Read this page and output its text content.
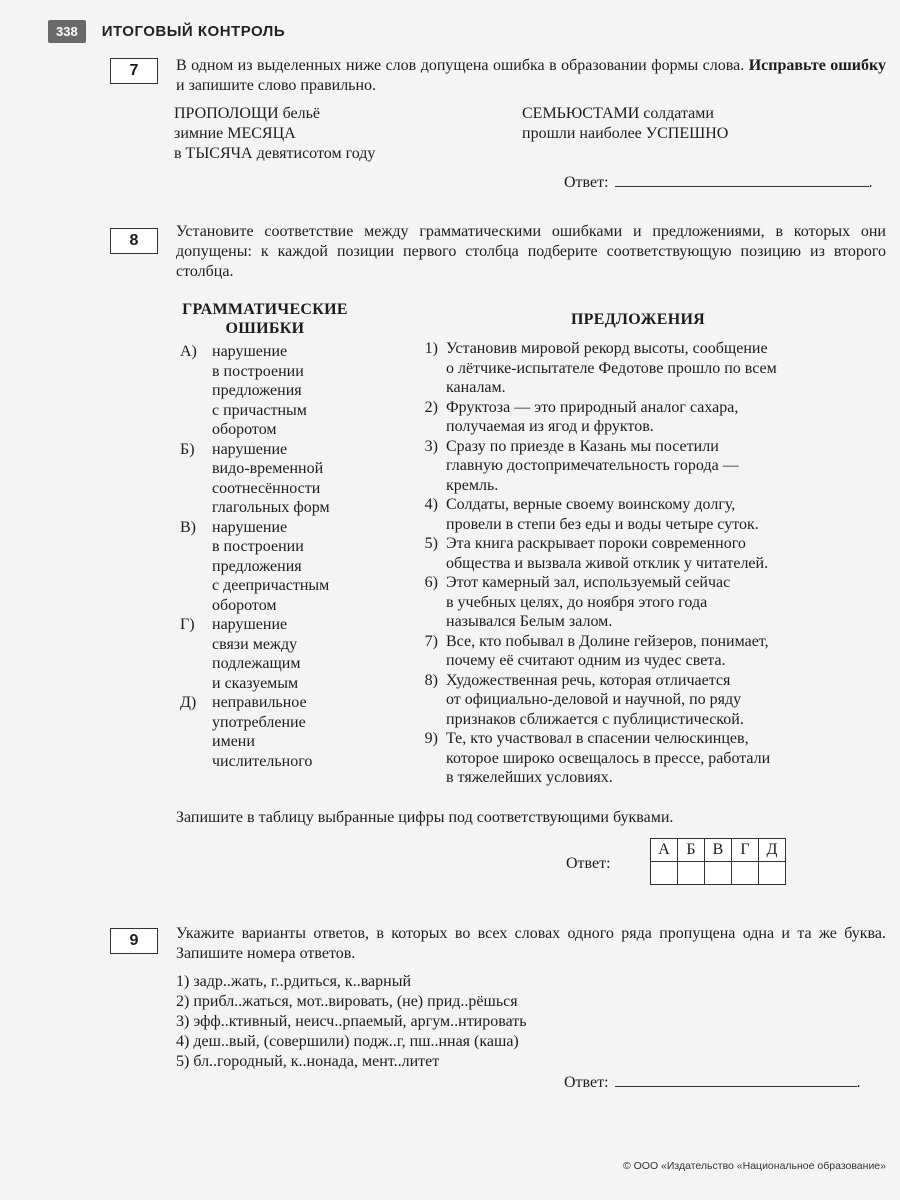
338	ИТОГОВЫЙ КОНТРОЛЬ
7	В одном из выделенных ниже слов допущена ошибка в образовании формы слова. Исправьте ошибку и запишите слово правильно.
ПРОПОЛОЩИ бельё
зимние МЕСЯЦА
в ТЫСЯЧА девятисотом году
СЕМЬЮСТАМИ солдатами
прошли наиболее УСПЕШНО
Ответ:	.
8
Установите соответствие между грамматическими ошибками и предложениями, в которых они допущены: к каждой позиции первого столбца подберите соответствующую позицию из второго столбца.
ГРАММАТИЧЕСКИЕ ОШИБКИ
А) нарушение
в построении
предложения
с причастным
оборотом
Б)	нарушение
видо-временной
соотнесённости
глагольных форм
В)	нарушение
в построении
предложения
с деепричастным
оборотом
Г)	нарушение
связи между
подлежащим
и сказуемым
Д) неправильное
употребление
имени
числительного
ПРЕДЛОЖЕНИЯ
1) Установив мировой рекорд высоты, сообщение
о лётчике-испытателе Федотове прошло по всем
каналам.
2) Фруктоза — это природный аналог сахара,
получаемая из ягод и фруктов.
3) Сразу по приезде в Казань мы посетили
главную достопримечательность города —
кремль.
4) Солдаты, верные своему воинскому долгу,
провели в степи без еды и воды четыре суток.
5) Эта книга раскрывает пороки современного
общества и вызвала живой отклик у читателей.
6) Этот камерный зал, используемый сейчас
в учебных целях, до ноября этого года
назывался Белым залом.
7) Все, кто побывал в Долине гейзеров, понимает,
почему её считают одним из чудес света.
8) Художественная речь, которая отличается
от официально-деловой и научной, по ряду
признаков сближается с публицистической.
9) Те, кто участвовал в спасении челюскинцев,
которое широко освещалось в прессе, работали
в тяжелейших условиях.
Запишите в таблицу выбранные цифры под соответствующими буквами.
Ответ:
А	Б	В	Г	Д

9	Укажите варианты ответов, в которых во всех словах одного ряда пропущена одна и та же буква. Запишите номера ответов.
1) задр..жать, г..рдиться, к..варный
2) прибл..жаться, мот..вировать, (не) прид..рёшься
3) эфф..ктивный, неисч..рпаемый, аргум..нтировать
4) деш..вый, (совершили) подж..г, пш..нная (каша)
5) бл..городный, к..нонада, мент..литет
Ответ:	.
© ООО «Издательство «Национальное образование»
